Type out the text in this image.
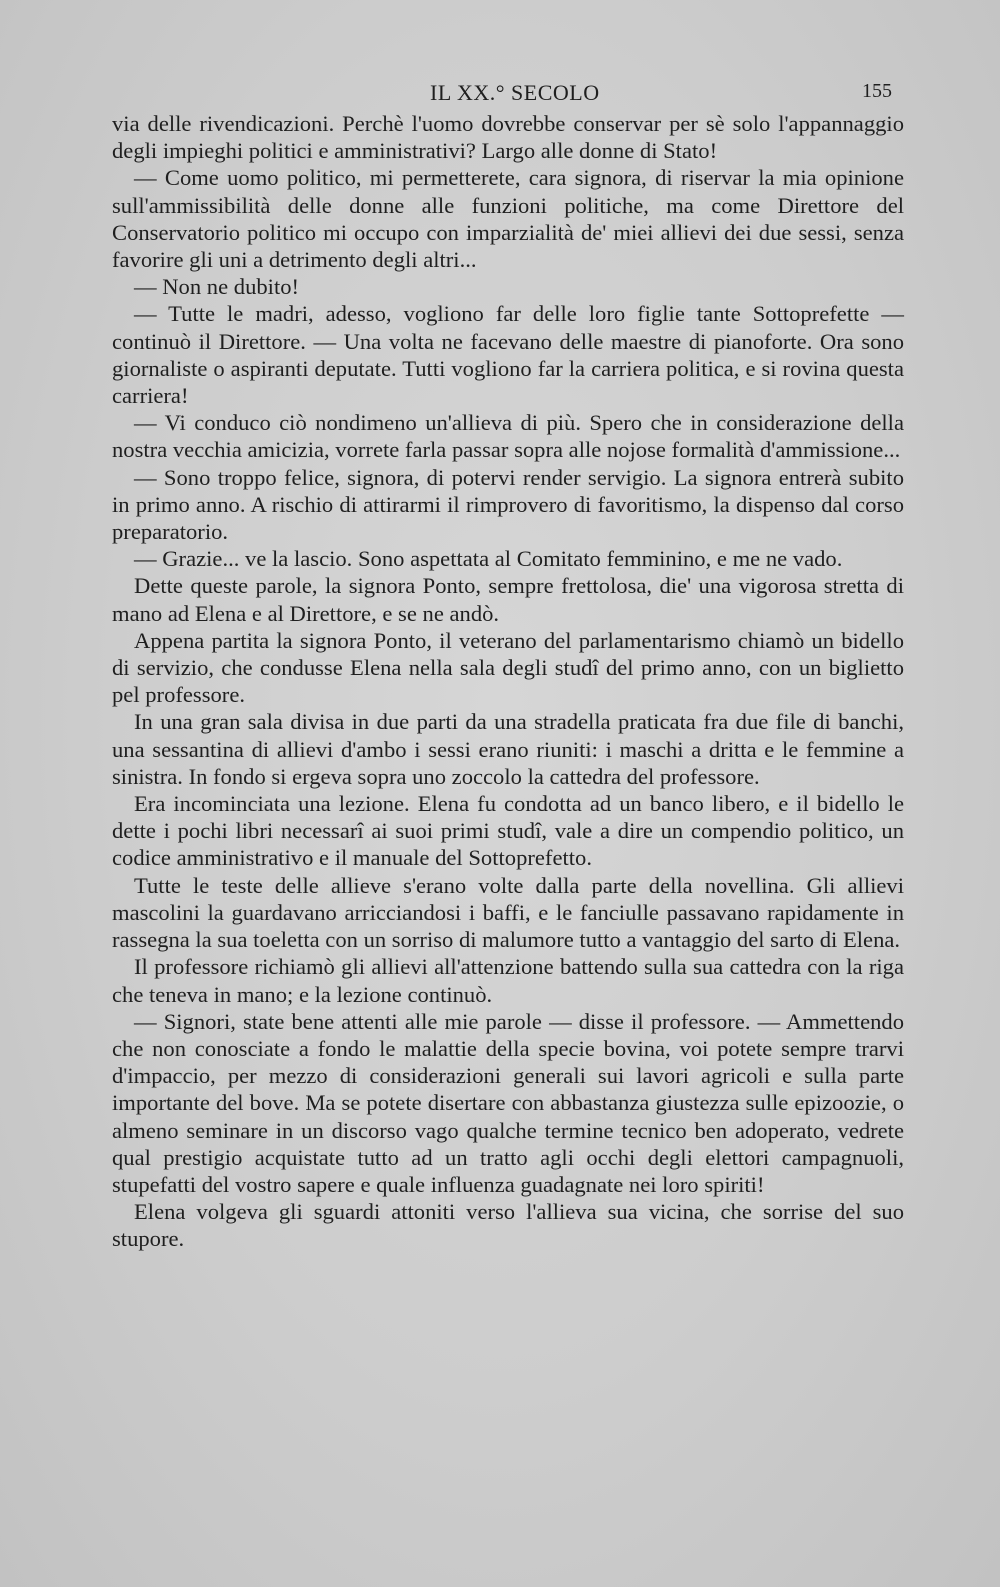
IL XX.° SECOLO	155

via delle rivendicazioni. Perchè l'uomo dovrebbe conservar per sè solo l'appannaggio degli impieghi politici e amministrativi? Largo alle donne di Stato!

— Come uomo politico, mi permetterete, cara signora, di riservar la mia opinione sull'ammissibilità delle donne alle funzioni politiche, ma come Direttore del Conservatorio politico mi occupo con imparzialità de' miei allievi dei due sessi, senza favorire gli uni a detrimento degli altri...

— Non ne dubito!

— Tutte le madri, adesso, vogliono far delle loro figlie tante Sottoprefette — continuò il Direttore. — Una volta ne facevano delle maestre di pianoforte. Ora sono giornaliste o aspiranti deputate. Tutti vogliono far la carriera politica, e si rovina questa carriera!

— Vi conduco ciò nondimeno un'allieva di più. Spero che in considerazione della nostra vecchia amicizia, vorrete farla passar sopra alle nojose formalità d'ammissione...

— Sono troppo felice, signora, di potervi render servigio. La signora entrerà subito in primo anno. A rischio di attirarmi il rimprovero di favoritismo, la dispenso dal corso preparatorio.

— Grazie... ve la lascio. Sono aspettata al Comitato femminino, e me ne vado.

Dette queste parole, la signora Ponto, sempre frettolosa, die' una vigorosa stretta di mano ad Elena e al Direttore, e se ne andò.

Appena partita la signora Ponto, il veterano del parlamentarismo chiamò un bidello di servizio, che condusse Elena nella sala degli studî del primo anno, con un biglietto pel professore.

In una gran sala divisa in due parti da una stradella praticata fra due file di banchi, una sessantina di allievi d'ambo i sessi erano riuniti: i maschi a dritta e le femmine a sinistra. In fondo si ergeva sopra uno zoccolo la cattedra del professore.

Era incominciata una lezione. Elena fu condotta ad un banco libero, e il bidello le dette i pochi libri necessarî ai suoi primi studî, vale a dire un compendio politico, un codice amministrativo e il manuale del Sottoprefetto.

Tutte le teste delle allieve s'erano volte dalla parte della novellina. Gli allievi mascolini la guardavano arricciandosi i baffi, e le fanciulle passavano rapidamente in rassegna la sua toeletta con un sorriso di malumore tutto a vantaggio del sarto di Elena.

Il professore richiamò gli allievi all'attenzione battendo sulla sua cattedra con la riga che teneva in mano; e la lezione continuò.

— Signori, state bene attenti alle mie parole — disse il professore. — Ammettendo che non conosciate a fondo le malattie della specie bovina, voi potete sempre trarvi d'impaccio, per mezzo di considerazioni generali sui lavori agricoli e sulla parte importante del bove. Ma se potete disertare con abbastanza giustezza sulle epizoozie, o almeno seminare in un discorso vago qualche termine tecnico ben adoperato, vedrete qual prestigio acquistate tutto ad un tratto agli occhi degli elettori campagnuoli, stupefatti del vostro sapere e quale influenza guadagnate nei loro spiriti!

Elena volgeva gli sguardi attoniti verso l'allieva sua vicina, che sorrise del suo stupore.
